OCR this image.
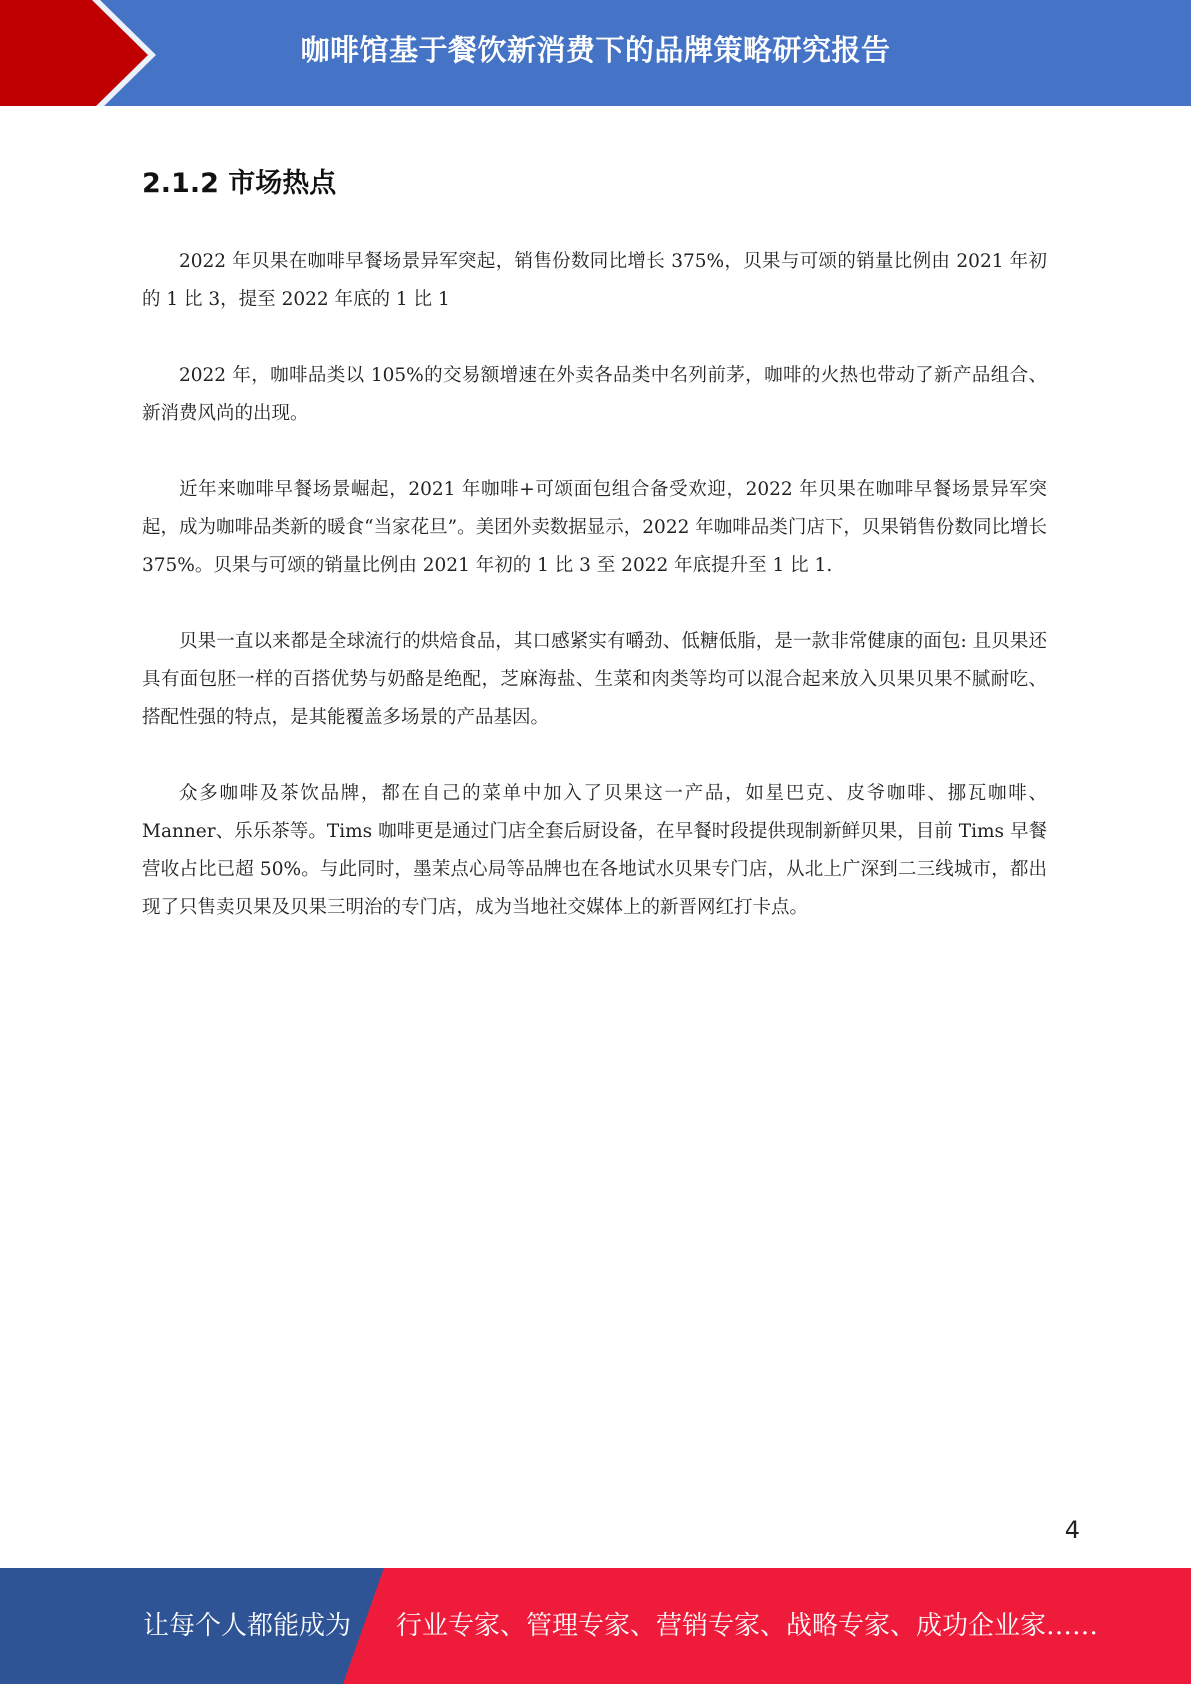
咖啡馆基于餐饮新消费下的品牌策略研究报告
2.1.2 市场热点

2022 年贝果在咖啡早餐场景异军突起，销售份数同比增长 375%，贝果与可颂的销量比例由 2021 年初的 1 比 3，提至 2022 年底的 1 比 1

2022 年，咖啡品类以 105%的交易额增速在外卖各品类中名列前茅，咖啡的火热也带动了新产品组合、新消费风尚的出现。

近年来咖啡早餐场景崛起，2021 年咖啡+可颂面包组合备受欢迎，2022 年贝果在咖啡早餐场景异军突起，成为咖啡品类新的暖食“当家花旦”。美团外卖数据显示，2022 年咖啡品类门店下，贝果销售份数同比增长 375%。贝果与可颂的销量比例由 2021 年初的 1 比 3 至 2022 年底提升至 1 比 1.

贝果一直以来都是全球流行的烘焙食品，其口感紧实有嚼劲、低糖低脂，是一款非常健康的面包: 且贝果还具有面包胚一样的百搭优势与奶酪是绝配，芝麻海盐、生菜和肉类等均可以混合起来放入贝果贝果不腻耐吃、搭配性强的特点，是其能覆盖多场景的产品基因。

众多咖啡及茶饮品牌，都在自己的菜单中加入了贝果这一产品，如星巴克、皮爷咖啡、挪瓦咖啡、Manner、乐乐茶等。Tims 咖啡更是通过门店全套后厨设备，在早餐时段提供现制新鲜贝果，目前 Tims 早餐营收占比已超 50%。与此同时，墨茉点心局等品牌也在各地试水贝果专门店，从北上广深到二三线城市，都出现了只售卖贝果及贝果三明治的专门店，成为当地社交媒体上的新晋网红打卡点。

4
让每个人都能成为 行业专家、管理专家、营销专家、战略专家、成功企业家……
